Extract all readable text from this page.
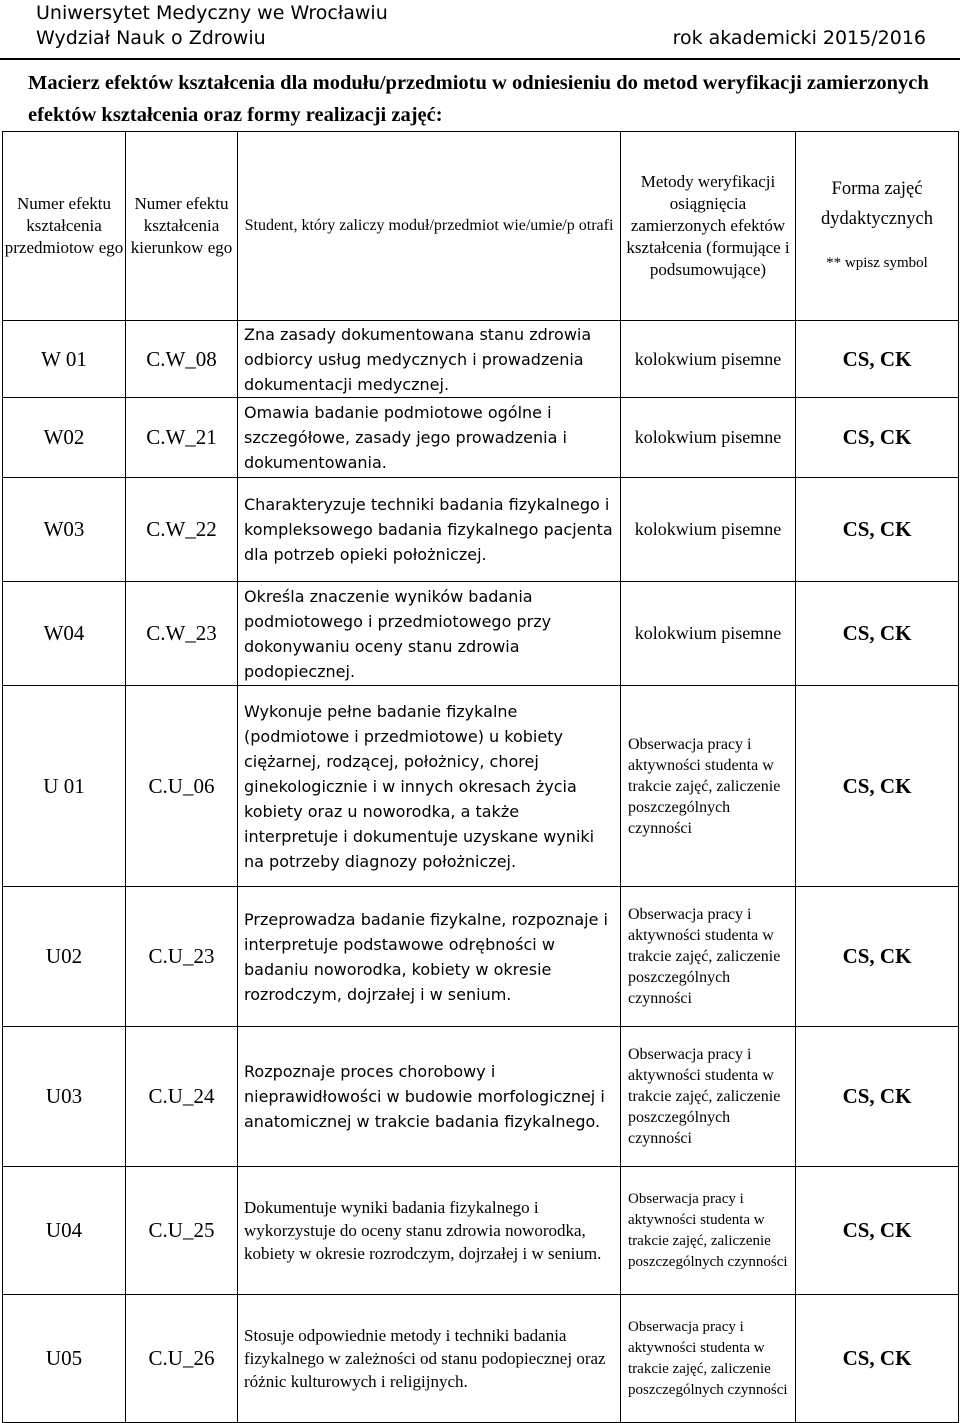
Uniwersytet Medyczny we Wrocławiu
Wydział Nauk o Zdrowiu	rok akademicki 2015/2016
Macierz efektów kształcenia dla modułu/przedmiotu w odniesieniu do metod weryfikacji zamierzonych efektów kształcenia oraz formy realizacji zajęć:
Numer efektu kształcenia przedmiotow ego	Numer efektu kształcenia kierunkow ego	Student, który zaliczy moduł/przedmiot wie/umie/p otrafi	Metody weryfikacji osiągnięcia zamierzonych efektów kształcenia (formujące i podsumowujące)	Forma zajęć dydaktycznych
** wpisz symbol

W 01	C.W_08	Zna zasady dokumentowana stanu zdrowia odbiorcy usług medycznych i prowadzenia dokumentacji medycznej.	kolokwium pisemne	CS, CK
W02	C.W_21	Omawia badanie podmiotowe ogólne i szczegółowe, zasady jego prowadzenia i dokumentowania.	kolokwium pisemne	CS, CK
W03	C.W_22	Charakteryzuje techniki badania fizykalnego i kompleksowego badania fizykalnego pacjenta dla potrzeb opieki położniczej.	kolokwium pisemne	CS, CK
W04	C.W_23	Określa znaczenie wyników badania podmiotowego i przedmiotowego przy dokonywaniu oceny stanu zdrowia podopiecznej.	kolokwium pisemne	CS, CK
U 01	C.U_06	Wykonuje pełne badanie fizykalne (podmiotowe i przedmiotowe) u kobiety ciężarnej, rodzącej, położnicy, chorej ginekologicznie i w innych okresach życia kobiety oraz u noworodka, a także interpretuje i dokumentuje uzyskane wyniki na potrzeby diagnozy położniczej.	Obserwacja pracy i aktywności studenta w trakcie zajęć, zaliczenie poszczególnych czynności	CS, CK
U02	C.U_23	Przeprowadza badanie fizykalne, rozpoznaje i interpretuje podstawowe odrębności w badaniu noworodka, kobiety w okresie rozrodczym, dojrzałej i w senium.	Obserwacja pracy i aktywności studenta w trakcie zajęć, zaliczenie poszczególnych czynności	CS, CK
U03	C.U_24	Rozpoznaje proces chorobowy i nieprawidłowości w budowie morfologicznej i anatomicznej w trakcie badania fizykalnego.	Obserwacja pracy i aktywności studenta w trakcie zajęć, zaliczenie poszczególnych czynności	CS, CK
U04	C.U_25	Dokumentuje wyniki badania fizykalnego i wykorzystuje do oceny stanu zdrowia noworodka, kobiety w okresie rozrodczym, dojrzałej i w senium.	Obserwacja pracy i aktywności studenta w trakcie zajęć, zaliczenie poszczególnych czynności	CS, CK
U05	C.U_26	Stosuje odpowiednie metody i techniki badania fizykalnego w zależności od stanu podopiecznej oraz różnic kulturowych i religijnych.	Obserwacja pracy i aktywności studenta w trakcie zajęć, zaliczenie poszczególnych czynności	CS, CK
